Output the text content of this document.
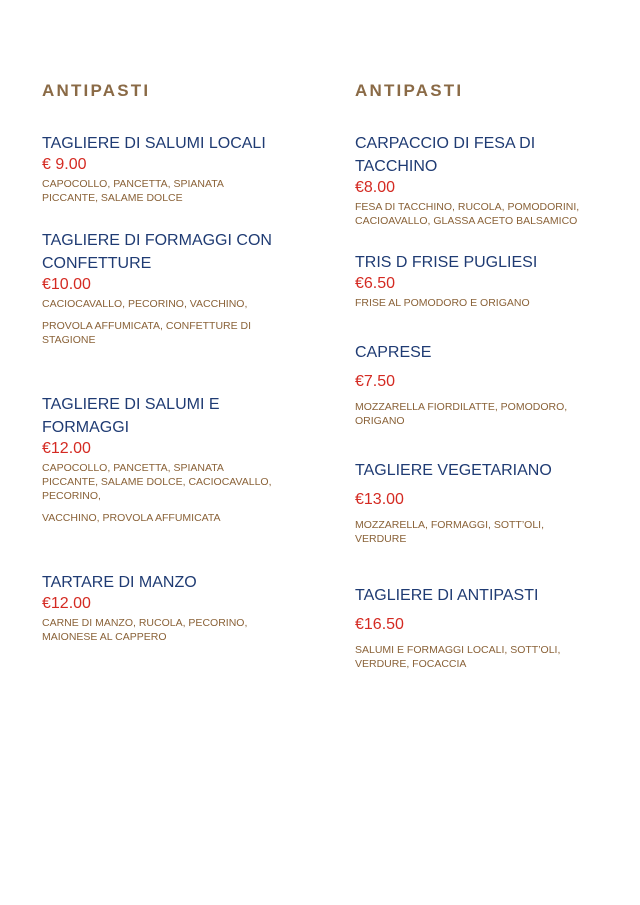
ANTIPASTI
TAGLIERE DI SALUMI LOCALI
€ 9.00
CAPOCOLLO, PANCETTA, SPIANATA PICCANTE, SALAME DOLCE
TAGLIERE DI FORMAGGI CON CONFETTURE
€10.00
CACIOCAVALLO, PECORINO, VACCHINO,
PROVOLA AFFUMICATA, CONFETTURE DI STAGIONE
TAGLIERE DI SALUMI E FORMAGGI
€12.00
CAPOCOLLO, PANCETTA, SPIANATA PICCANTE, SALAME DOLCE, CACIOCAVALLO, PECORINO,
VACCHINO, PROVOLA AFFUMICATA
TARTARE DI MANZO
€12.00
CARNE DI MANZO, RUCOLA, PECORINO, MAIONESE AL CAPPERO
ANTIPASTI
CARPACCIO DI FESA DI TACCHINO
€8.00
FESA DI TACCHINO, RUCOLA, POMODORINI, CACIOAVALLO, GLASSA ACETO BALSAMICO
TRIS D FRISE PUGLIESI
€6.50
FRISE AL POMODORO E ORIGANO
CAPRESE
€7.50
MOZZARELLA FIORDILATTE, POMODORO, ORIGANO
TAGLIERE VEGETARIANO
€13.00
MOZZARELLA, FORMAGGI, SOTT’OLI, VERDURE
TAGLIERE DI ANTIPASTI
€16.50
SALUMI E FORMAGGI LOCALI, SOTT’OLI, VERDURE, FOCACCIA
